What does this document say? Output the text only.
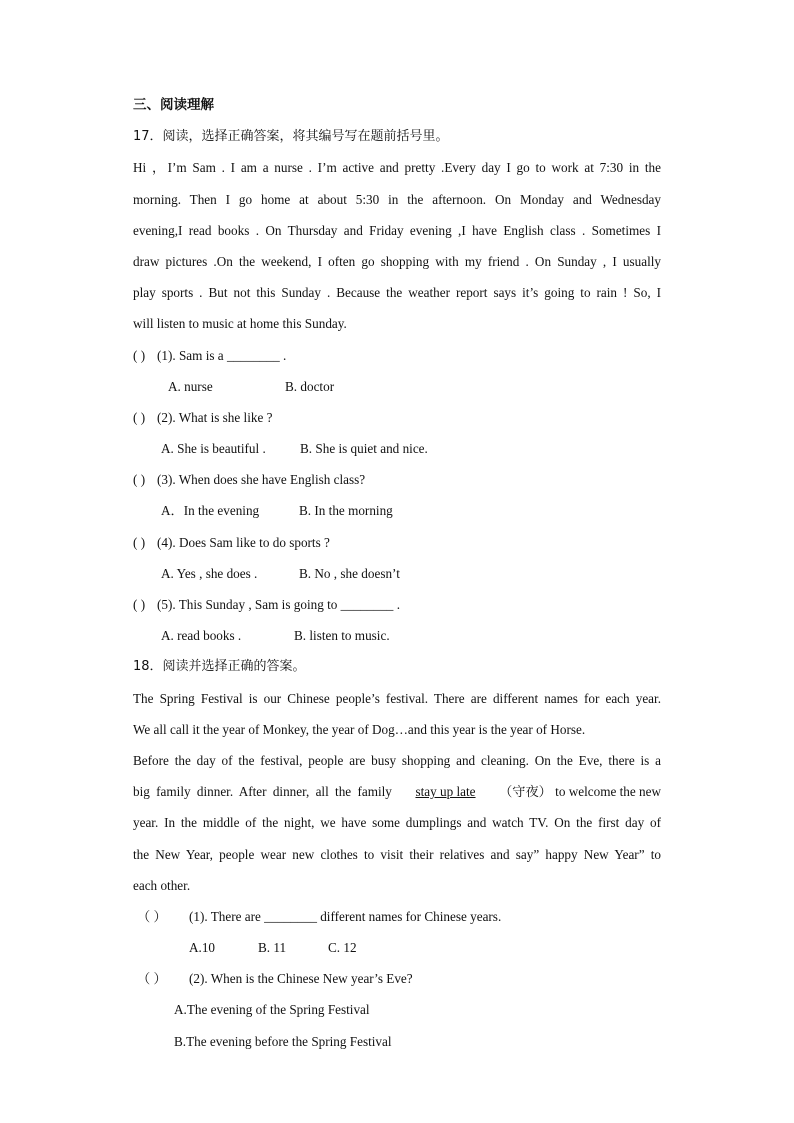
三、阅读理解
17．阅读，选择正确答案，将其编号写在题前括号里。
Hi ，I’m Sam . I am a nurse . I’m active and pretty .Every day I go to work at 7:30 in the
morning. Then I go home at about 5:30 in the afternoon. On Monday and Wednesday
evening,I read books . On Thursday and Friday evening ,I have English class . Sometimes I
draw pictures .On the weekend, I often go shopping with my friend . On Sunday , I usually
play sports . But not this Sunday . Because the weather report says it’s going to rain ! So, I
will listen to music at home this Sunday.
( ) (1). Sam is a ________ .
A. nurse	B. doctor
( ) (2). What is she like ?
A. She is beautiful .	B. She is quiet and nice.
( ) (3). When does she have English class?
A．In the evening	B. In the morning
( ) (4). Does Sam like to do sports ?
A. Yes , she does .	B. No , she doesn’t
( ) (5). This Sunday , Sam is going to ________ .
A. read books .	B. listen to music.
18．阅读并选择正确的答案。
The Spring Festival is our Chinese people’s festival. There are different names for each year.
We all call it the year of Monkey, the year of Dog…and this year is the year of Horse.
Before the day of the festival, people are busy shopping and cleaning. On the Eve, there is a
big family dinner. After dinner, all the family stay up late （守夜） to welcome the new
year. In the middle of the night, we have some dumplings and watch TV. On the first day of
the New Year, people wear new clothes to visit their relatives and say” happy New Year” to
each other.
（ ）	(1). There are ________ different names for Chinese years.
A.10	B. 11	C. 12
（ ）	(2). When is the Chinese New year’s Eve?
A.The evening of the Spring Festival
B.The evening before the Spring Festival
